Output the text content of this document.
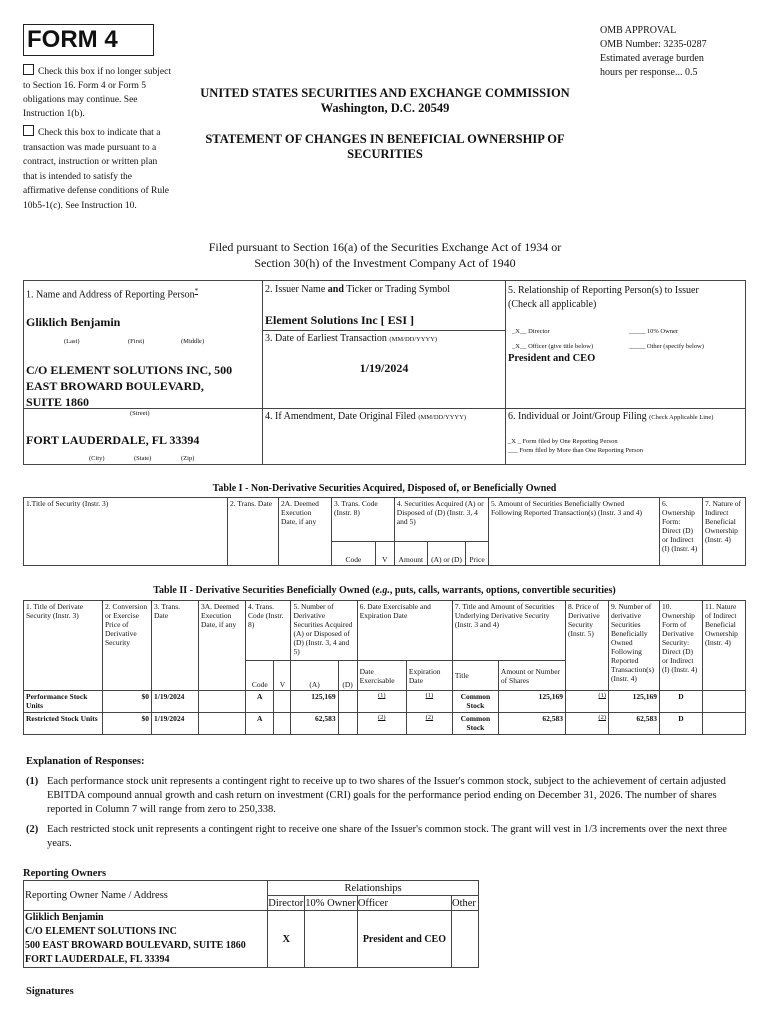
FORM 4
Check this box if no longer subject to Section 16. Form 4 or Form 5 obligations may continue. See Instruction 1(b).
Check this box to indicate that a transaction was made pursuant to a contract, instruction or written plan that is intended to satisfy the affirmative defense conditions of Rule 10b5-1(c). See Instruction 10.
OMB APPROVAL
OMB Number: 3235-0287
Estimated average burden
hours per response... 0.5
UNITED STATES SECURITIES AND EXCHANGE COMMISSION
Washington, D.C. 20549
STATEMENT OF CHANGES IN BENEFICIAL OWNERSHIP OF
SECURITIES
Filed pursuant to Section 16(a) of the Securities Exchange Act of 1934 or
Section 30(h) of the Investment Company Act of 1940
1. Name and Address of Reporting Person*
Gliklich Benjamin
(Last)	(First)	(Middle)
C/O ELEMENT SOLUTIONS INC, 500
EAST BROWARD BOULEVARD,
SUITE 1860
(Street)
FORT LAUDERDALE, FL 33394
(City)	(State)	(Zip)
2. Issuer Name and Ticker or Trading Symbol
Element Solutions Inc [ ESI ]
3. Date of Earliest Transaction (MM/DD/YYYY)
1/19/2024
4. If Amendment, Date Original Filed (MM/DD/YYYY)
5. Relationship of Reporting Person(s) to Issuer
(Check all applicable)
_X__ Director	_____ 10% Owner
_X__ Officer (give title below)	_____ Other (specify below)
President and CEO
6. Individual or Joint/Group Filing (Check Applicable Line)
_X _ Form filed by One Reporting Person
___ Form filed by More than One Reporting Person
Table I - Non-Derivative Securities Acquired, Disposed of, or Beneficially Owned
1.Title of Security (Instr. 3)	2. Trans. Date	2A. Deemed Execution Date, if any	3. Trans. Code (Instr. 8)		4. Securities Acquired (A) or Disposed of (D) (Instr. 3, 4 and 5)			5. Amount of Securities Beneficially Owned Following Reported Transaction(s) (Instr. 3 and 4)	6. Ownership Form: Direct (D) or Indirect (I) (Instr. 4)	7. Nature of Indirect Beneficial Ownership (Instr. 4)
			Code	V	Amount	(A) or (D)	Price			
Table II - Derivative Securities Beneficially Owned (e.g., puts, calls, warrants, options, convertible securities)
1. Title of Derivate Security (Instr. 3)	2. Conversion or Exercise Price of Derivative Security	3. Trans. Date	3A. Deemed Execution Date, if any	4. Trans. Code (Instr. 8)		5. Number of Derivative Securities Acquired (A) or Disposed of (D) (Instr. 3, 4 and 5)		6. Date Exercisable and Expiration Date		7. Title and Amount of Securities Underlying Derivative Security (Instr. 3 and 4)		8. Price of Derivative Security (Instr. 5)	9. Number of derivative Securities Beneficially Owned Following Reported Transaction(s) (Instr. 4)	10. Ownership Form of Derivative Security: Direct (D) or Indirect (I) (Instr. 4)	11. Nature of Indirect Beneficial Ownership (Instr. 4)
				Code	V	(A)	(D)	Date Exercisable	Expiration Date	Title	Amount or Number of Shares				
Performance Stock Units	$0	1/19/2024		A		125,169		(1)	(1)	Common Stock	125,169	(1)	125,169	D	
Restricted Stock Units	$0	1/19/2024		A		62,583		(2)	(2)	Common Stock	62,583	(2)	62,583	D	
Explanation of Responses:
(1) Each performance stock unit represents a contingent right to receive up to two shares of the Issuer's common stock, subject to the achievement of certain adjusted EBITDA compound annual growth and cash return on investment (CRI) goals for the performance period ending on December 31, 2026. The number of shares reported in Column 7 will range from zero to 250,338.
(2) Each restricted stock unit represents a contingent right to receive one share of the Issuer's common stock. The grant will vest in 1/3 increments over the next three years.
Reporting Owners
Reporting Owner Name / Address	Relationships			
	Director	10% Owner	Officer	Other

Gliklich Benjamin
C/O ELEMENT SOLUTIONS INC
500 EAST BROWARD BOULEVARD, SUITE 1860
FORT LAUDERDALE, FL 33394	X		President and CEO	
Signatures
